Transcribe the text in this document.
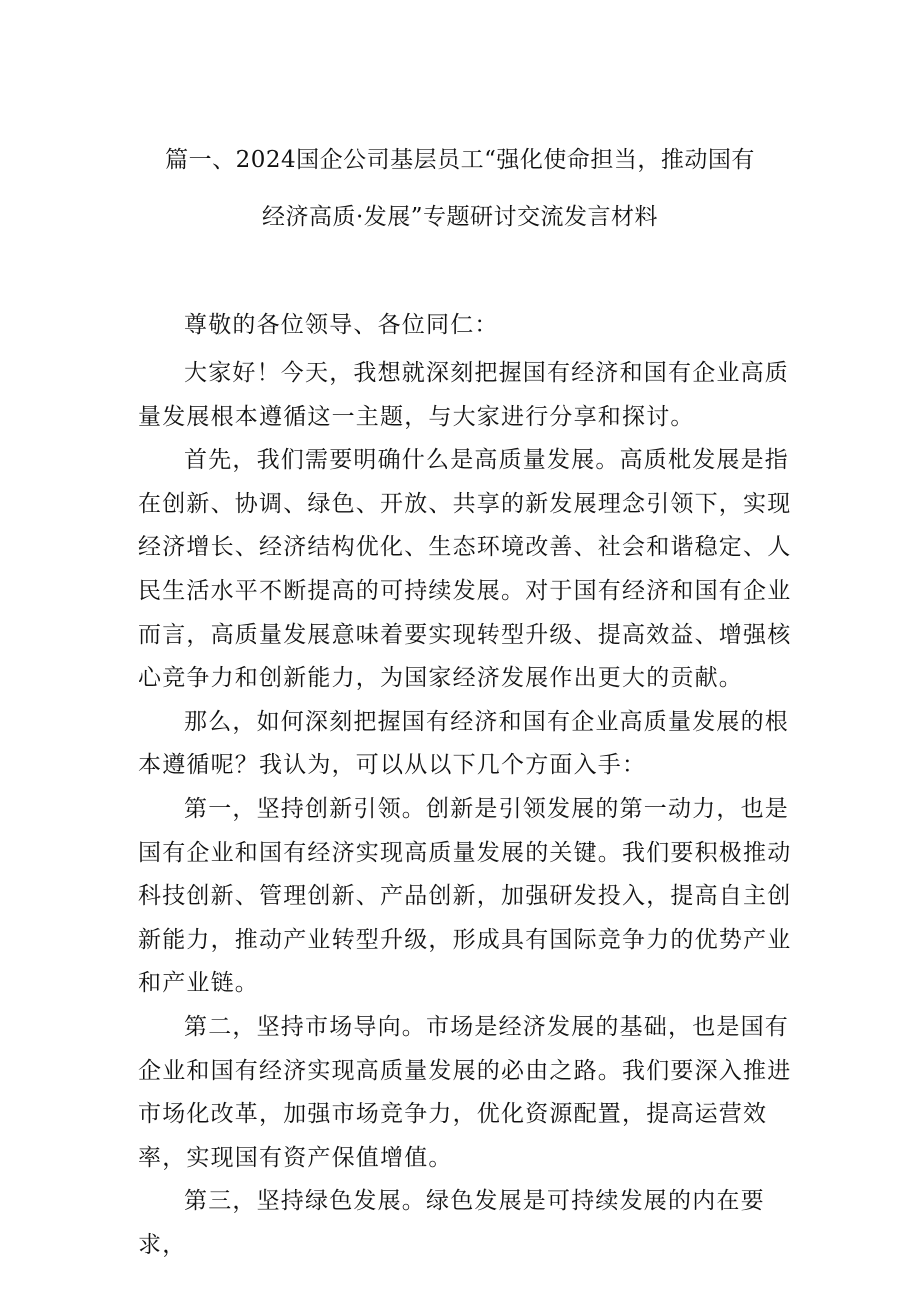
篇一、2024国企公司基层员工“强化使命担当，推动国有
经济高质·发展”专题研讨交流发言材料
尊敬的各位领导、各位同仁：

大家好！今天，我想就深刻把握国有经济和国有企业高质量发展根本遵循这一主题，与大家进行分享和探讨。

首先，我们需要明确什么是高质量发展。高质枇发展是指在创新、协调、绿色、开放、共享的新发展理念引领下，实现经济增长、经济结构优化、生态环境改善、社会和谐稳定、人民生活水平不断提高的可持续发展。对于国有经济和国有企业而言，高质量发展意味着要实现转型升级、提高效益、增强核心竞争力和创新能力，为国家经济发展作出更大的贡献。

那么，如何深刻把握国有经济和国有企业高质量发展的根本遵循呢？我认为，可以从以下几个方面入手：

第一，坚持创新引领。创新是引领发展的第一动力，也是国有企业和国有经济实现高质量发展的关键。我们要积极推动科技创新、管理创新、产品创新，加强研发投入，提高自主创新能力，推动产业转型升级，形成具有国际竞争力的优势产业和产业链。

第二，坚持市场导向。市场是经济发展的基础，也是国有企业和国有经济实现高质量发展的必由之路。我们要深入推进市场化改革，加强市场竞争力，优化资源配置，提高运营效率，实现国有资产保值增值。

第三，坚持绿色发展。绿色发展是可持续发展的内在要求，
